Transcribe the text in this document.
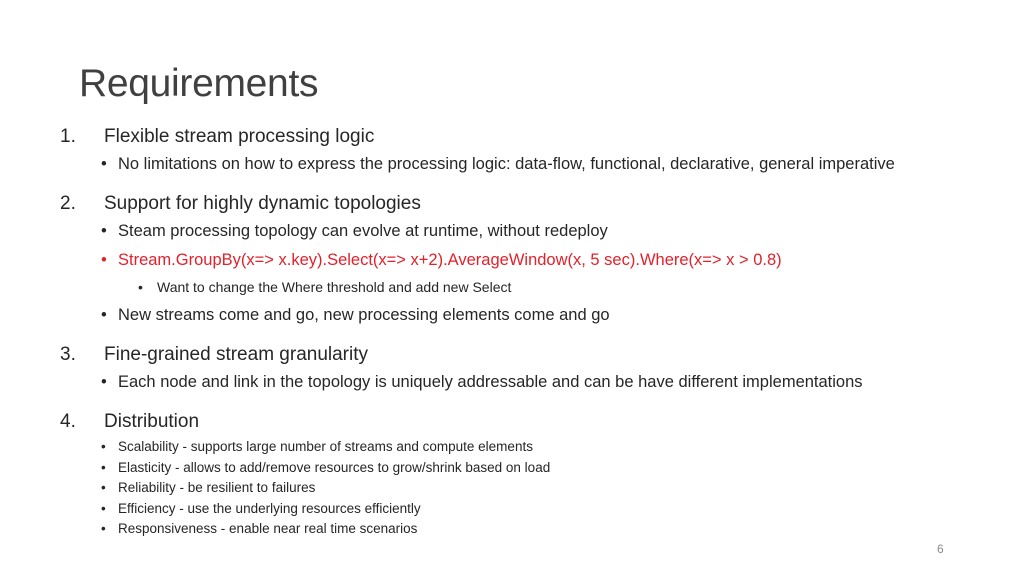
Requirements
1. Flexible stream processing logic
• No limitations on how to express the processing logic: data-flow, functional, declarative, general imperative
2. Support for highly dynamic topologies
• Steam processing topology can evolve at runtime, without redeploy
• Stream.GroupBy(x=> x.key).Select(x=> x+2).AverageWindow(x, 5 sec).Where(x=> x > 0.8)
• Want to change the Where threshold and add new Select
• New streams come and go, new processing elements come and go
3. Fine-grained stream granularity
• Each node and link in the topology is uniquely addressable and can be have different implementations
4. Distribution
• Scalability - supports large number of streams and compute elements
• Elasticity - allows to add/remove resources to grow/shrink based on load
• Reliability - be resilient to failures
• Efficiency - use the underlying resources efficiently
• Responsiveness - enable near real time scenarios
6
